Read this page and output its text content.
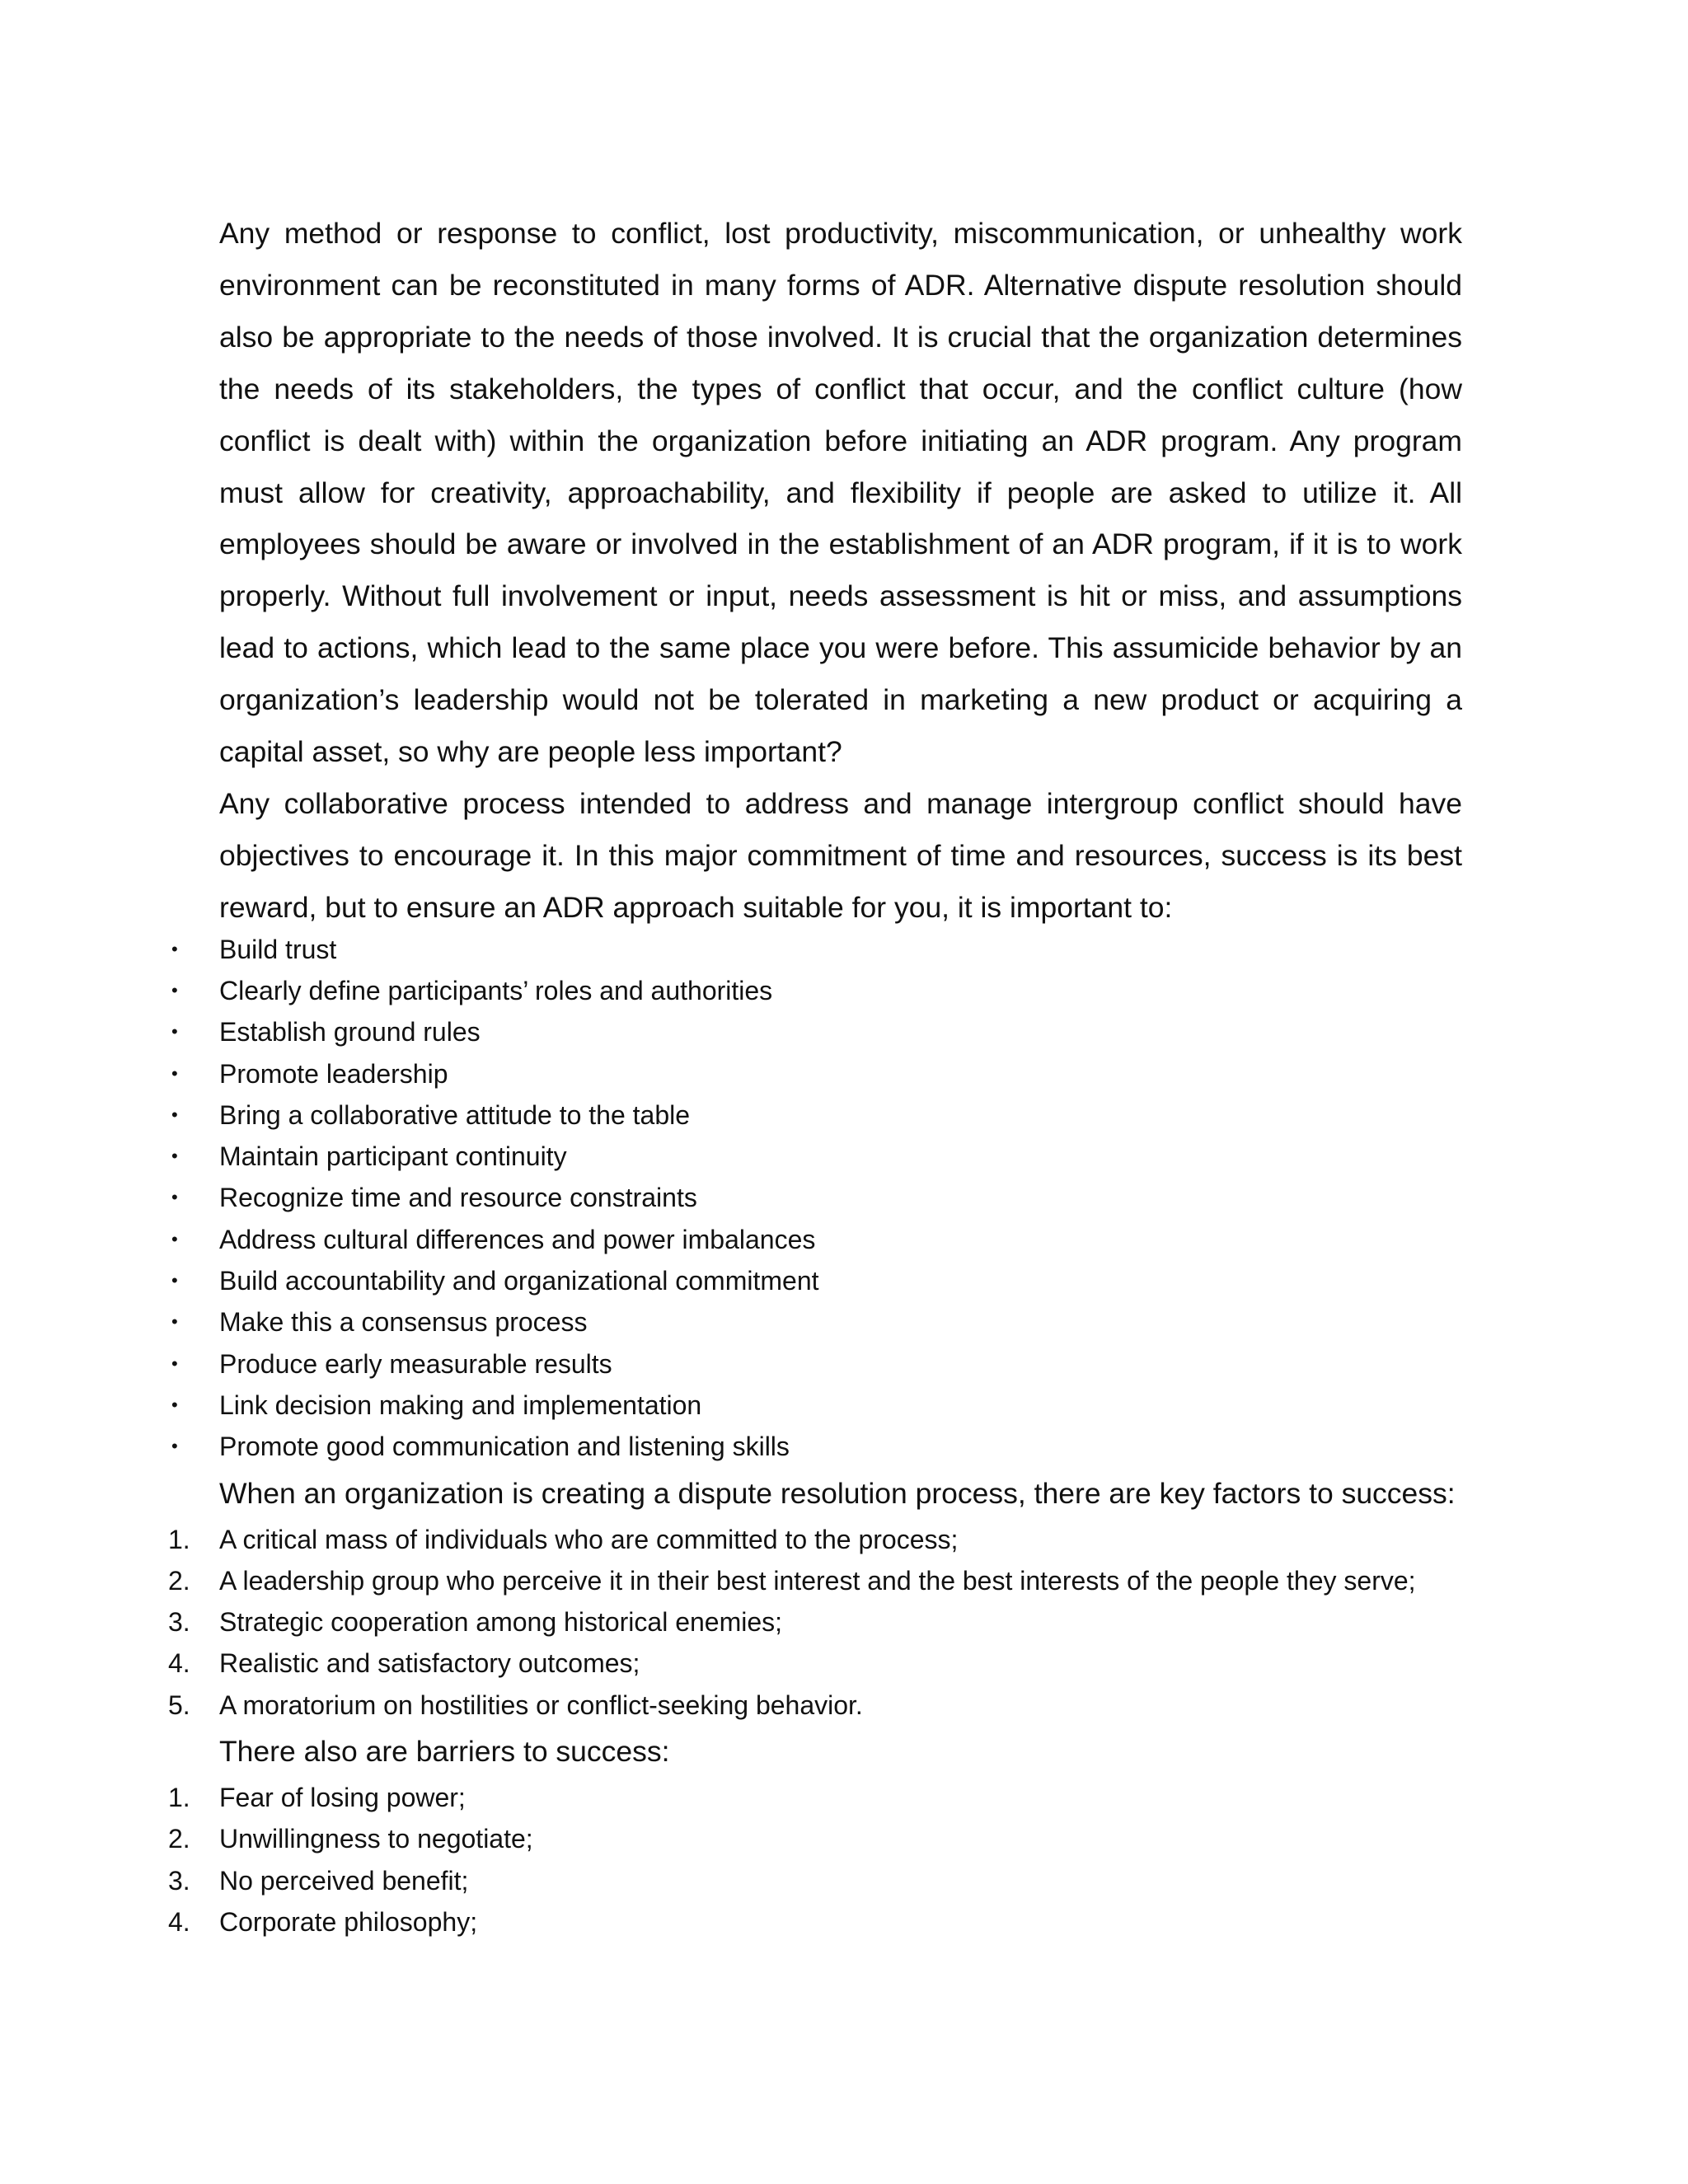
Any method or response to conflict, lost productivity, miscommunication, or unhealthy work environment can be reconstituted in many forms of ADR. Alternative dispute resolution should also be appropriate to the needs of those involved. It is crucial that the organization determines the needs of its stakeholders, the types of conflict that occur, and the conflict culture (how conflict is dealt with) within the organization before initiating an ADR program. Any program must allow for creativity, approachability, and flexibility if people are asked to utilize it. All employees should be aware or involved in the establishment of an ADR program, if it is to work properly. Without full involvement or input, needs assessment is hit or miss, and assumptions lead to actions, which lead to the same place you were before. This assumicide behavior by an organization’s leadership would not be tolerated in marketing a new product or acquiring a capital asset, so why are people less important?

Any collaborative process intended to address and manage intergroup conflict should have objectives to encourage it. In this major commitment of time and resources, success is its best reward, but to ensure an ADR approach suitable for you, it is important to:

•	Build trust
•	Clearly define participants’ roles and authorities
•	Establish ground rules
•	Promote leadership
•	Bring a collaborative attitude to the table
•	Maintain participant continuity
•	Recognize time and resource constraints
•	Address cultural differences and power imbalances
•	Build accountability and organizational commitment
•	Make this a consensus process
•	Produce early measurable results
•	Link decision making and implementation
•	Promote good communication and listening skills

When an organization is creating a dispute resolution process, there are key factors to success:

1.	A critical mass of individuals who are committed to the process;
2.	A leadership group who perceive it in their best interest and the best interests of the people they serve;
3.	Strategic cooperation among historical enemies;
4.	Realistic and satisfactory outcomes;
5.	A moratorium on hostilities or conflict-seeking behavior.

There also are barriers to success:

1.	Fear of losing power;
2.	Unwillingness to negotiate;
3.	No perceived benefit;
4.	Corporate philosophy;
